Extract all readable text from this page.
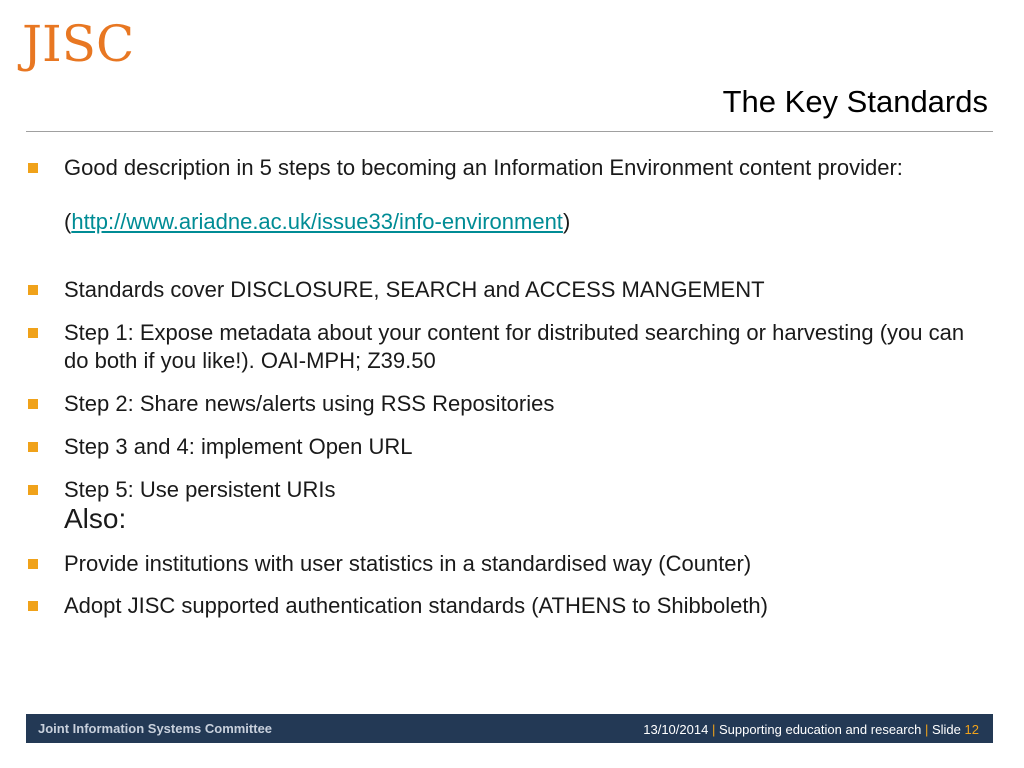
JISC
The Key Standards
Good description in 5 steps to becoming an Information Environment content provider:
(http://www.ariadne.ac.uk/issue33/info-environment)
Standards cover DISCLOSURE, SEARCH and ACCESS MANGEMENT
Step 1: Expose metadata about your content for distributed searching or harvesting (you can do both if you like!). OAI-MPH; Z39.50
Step 2: Share news/alerts using RSS Repositories
Step 3 and 4: implement Open URL
Step 5: Use persistent URIs
Also:
Provide institutions with user statistics in a standardised way (Counter)
Adopt JISC supported authentication standards (ATHENS to Shibboleth)
Joint Information Systems Committee	13/10/2014 | Supporting education and research | Slide 12
